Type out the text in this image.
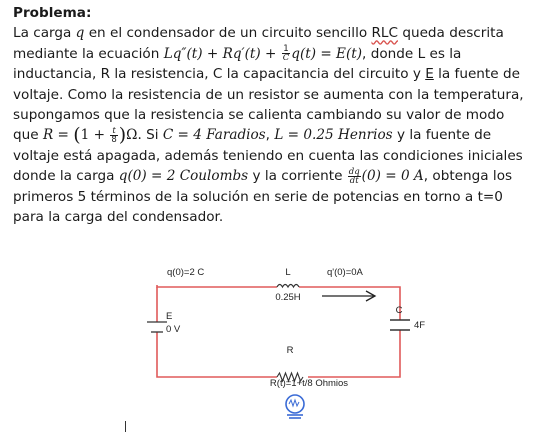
Problema:
La carga q en el condensador de un circuito sencillo RLC queda descrita mediante la ecuación $Lq''(t) + Rq'(t) + \frac{1}{C} q(t) = E(t)$, donde L es la inductancia, R la resistencia, C la capacitancia del circuito y E la fuente de voltaje. Como la resistencia de un resistor se aumenta con la temperatura, supongamos que la resistencia se calienta cambiando su valor de modo que $R = (1 + \frac{t}{8} )\Omega$. Si C = 4 Faradios, L = 0.25 Henrios y la fuente de voltaje está apagada, además teniendo en cuenta las condiciones iniciales donde la carga q(0) = 2 Coulombs y la corriente $\frac{dq}{dt} (0) = 0$ A, obtenga los primeros 5 términos de la solución en serie de potencias en torno a t=0 para la carga del condensador.
q(0)=2 C	L
0.25H
q'(0)=0A
E
0 V
C
4F
R
R(t)=1+t/8 Ohmios
